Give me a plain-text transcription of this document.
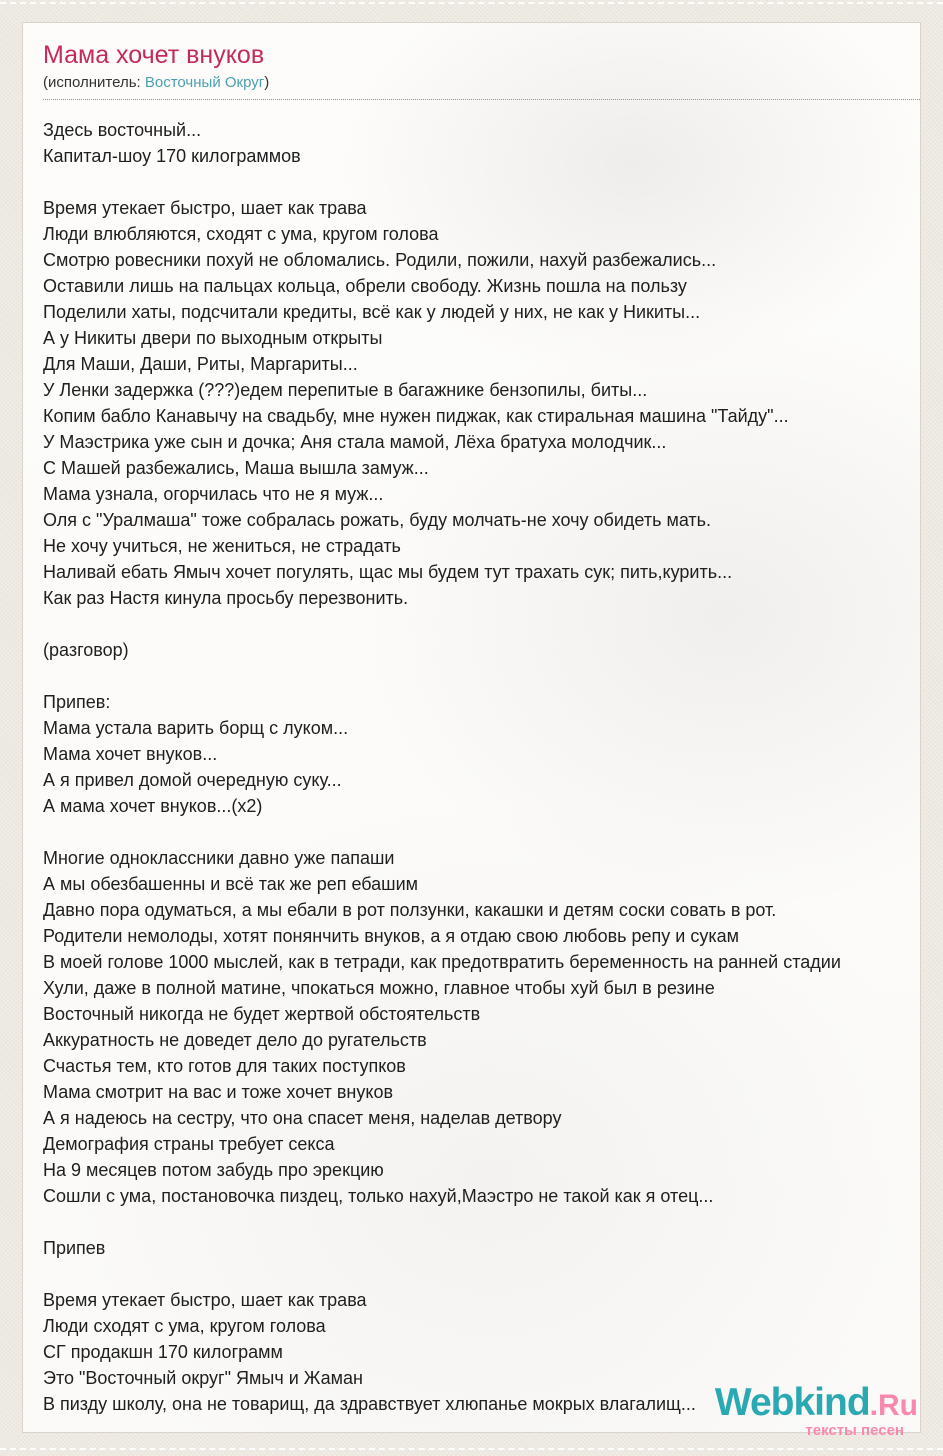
Мама хочет внуков

(исполнитель: Восточный Округ)

Здесь восточный...
Капитал-шоу 170 килограммов

Время утекает быстро, шает как трава
Люди влюбляются, сходят с ума, кругом голова
Смотрю ровесники похуй не обломались. Родили, пожили, нахуй разбежались...
Оставили лишь на пальцах кольца, обрели свободу. Жизнь пошла на пользу
Поделили хаты, подсчитали кредиты, всё как у людей у них, не как у Никиты...
А у Никиты двери по выходным открыты
Для Маши, Даши, Риты, Маргариты...
У Ленки задержка (???)едем перепитые в багажнике бензопилы, биты...
Копим бабло Канавычу на свадьбу, мне нужен пиджак, как стиральная машина "Тайду"...
У Маэстрика уже сын и дочка; Аня стала мамой, Лёха братуха молодчик...
С Машей разбежались, Маша вышла замуж...
Мама узнала, огорчилась что не я муж...
Оля с "Уралмаша" тоже собралась рожать, буду молчать-не хочу обидеть мать.
Не хочу учиться, не жениться, не страдать
Наливай ебать Ямыч хочет погулять, щас мы будем тут трахать сук; пить,курить...
Как раз Настя кинула просьбу перезвонить.

(разговор)

Припев:
Мама устала варить борщ с луком...
Мама хочет внуков...
А я привел домой очередную суку...
А мама хочет внуков...(x2)

Многие одноклассники давно уже папаши
А мы обезбашенны и всё так же реп ебашим
Давно пора одуматься, а мы ебали в рот ползунки, какашки и детям соски совать в рот.
Родители немолоды, хотят понянчить внуков, а я отдаю свою любовь репу и сукам
В моей голове 1000 мыслей, как в тетради, как предотвратить беременность на ранней стадии
Хули, даже в полной матине, чпокаться можно, главное чтобы хуй был в резине
Восточный никогда не будет жертвой обстоятельств
Аккуратность не доведет дело до ругательств
Счастья тем, кто готов для таких поступков
Мама смотрит на вас и тоже хочет внуков
А я надеюсь на сестру, что она спасет меня, наделав детвору
Демография страны требует секса
На 9 месяцев потом забудь про эрекцию
Сошли с ума, постановочка пиздец, только нахуй,Маэстро не такой как я отец...

Припев

Время утекает быстро, шает как трава
Люди сходят с ума, кругом голова
СГ продакшн 170 килограмм
Это "Восточный округ" Ямыч и Жаман
В пизду школу, она не товарищ, да здравствует хлюпанье мокрых влагалищ... Webkind.Ru
тексты песен
